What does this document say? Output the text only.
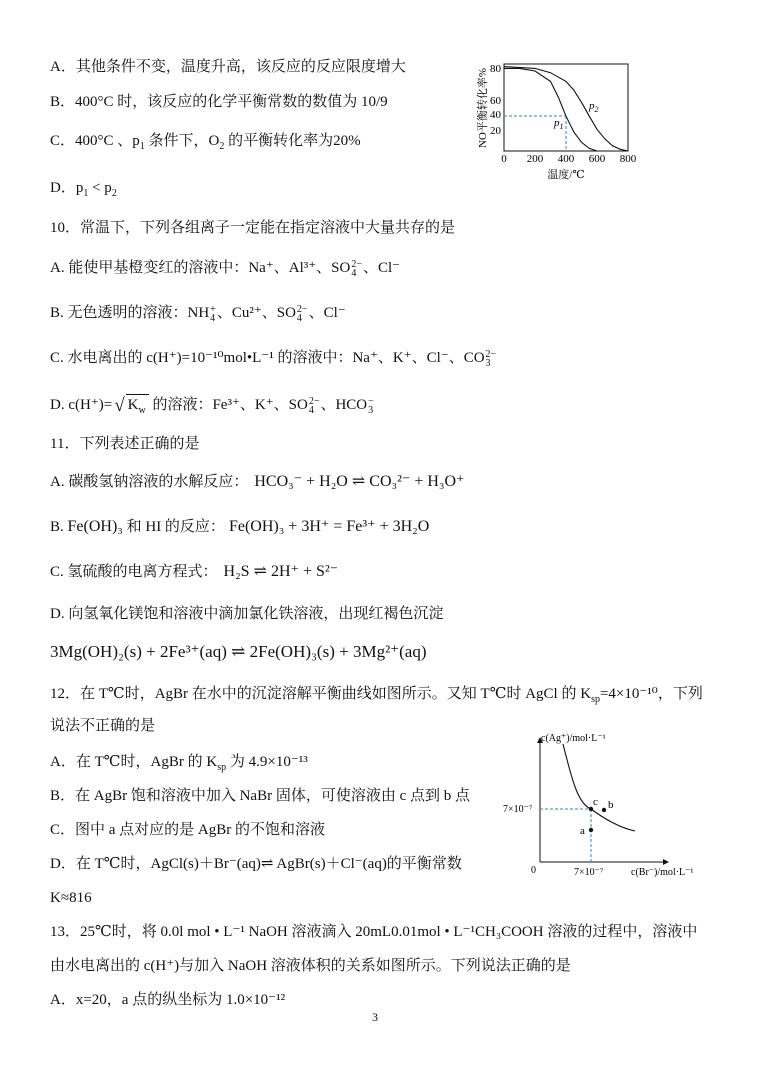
A．其他条件不变，温度升高，该反应的反应限度增大
B．400°C 时，该反应的化学平衡常数的数值为 10/9
C．400°C 、$p_1$ 条件下，$O_2$ 的平衡转化率为20%
D．$p_1 < p_2$
NO平衡转化率% 80
60
40
20
0 200 400 600 800
温度/℃
$p_1$
$p_2$
10．常温下，下列各组离子一定能在指定溶液中大量共存的是
A. 能使甲基橙变红的溶液中：Na⁺、Al³⁺、SO 2−
4 、Cl⁻
B. 无色透明的溶液：NH +
4 、Cu²⁺、SO 2−
4 、Cl⁻
C. 水电离出的 c(H⁺)=10⁻¹⁰mol•L⁻¹ 的溶液中：Na⁺、K⁺、Cl⁻、CO 2−
3
D. c(H⁺)= √ $K_w$ 的溶液：Fe³⁺、K⁺、SO 2−
4 、HCO −
3
11．下列表述正确的是
A. 碳酸氢钠溶液的水解反应： HCO₃⁻ + H₂O ⇌ CO₃²⁻ + H₃O⁺
B. Fe(OH)₃ 和 HI 的反应： Fe(OH)₃ + 3H⁺ = Fe³⁺ + 3H₂O
C. 氢硫酸的电离方程式： H₂S ⇌ 2H⁺ + S²⁻
D. 向氢氧化镁饱和溶液中滴加氯化铁溶液，出现红褐色沉淀
3Mg(OH)₂(s) + 2Fe³⁺(aq) ⇌ 2Fe(OH)₃(s) + 3Mg²⁺(aq)
12．在 T℃时，AgBr 在水中的沉淀溶解平衡曲线如图所示。又知 T℃时 AgCl 的 $K_{sp}=4\times 10^{-10}$，下列
说法不正确的是
A．在 T℃时，AgBr 的 $K_{sp}$ 为 4.9×10⁻¹³
B．在 AgBr 饱和溶液中加入 NaBr 固体，可使溶液由 c 点到 b 点
C．图中 a 点对应的是 AgBr 的不饱和溶液
D．在 T℃时，AgCl(s)＋Br⁻(aq)⇌ AgBr(s)＋Cl⁻(aq)的平衡常数
K≈816
c(Ag⁺)/mol·L⁻¹
0
7×10⁻⁷
7×10⁻⁷	c(Br⁻)/mol·L⁻¹
a
b
c
13．25℃时，将 0.0l mol • L⁻¹ NaOH 溶液滴入 20mL0.01mol • L⁻¹CH₃COOH 溶液的过程中，溶液中
由水电离出的 c(H⁺)与加入 NaOH 溶液体积的关系如图所示。下列说法正确的是
A．x=20，a 点的纵坐标为 1.0×10⁻¹²
3
